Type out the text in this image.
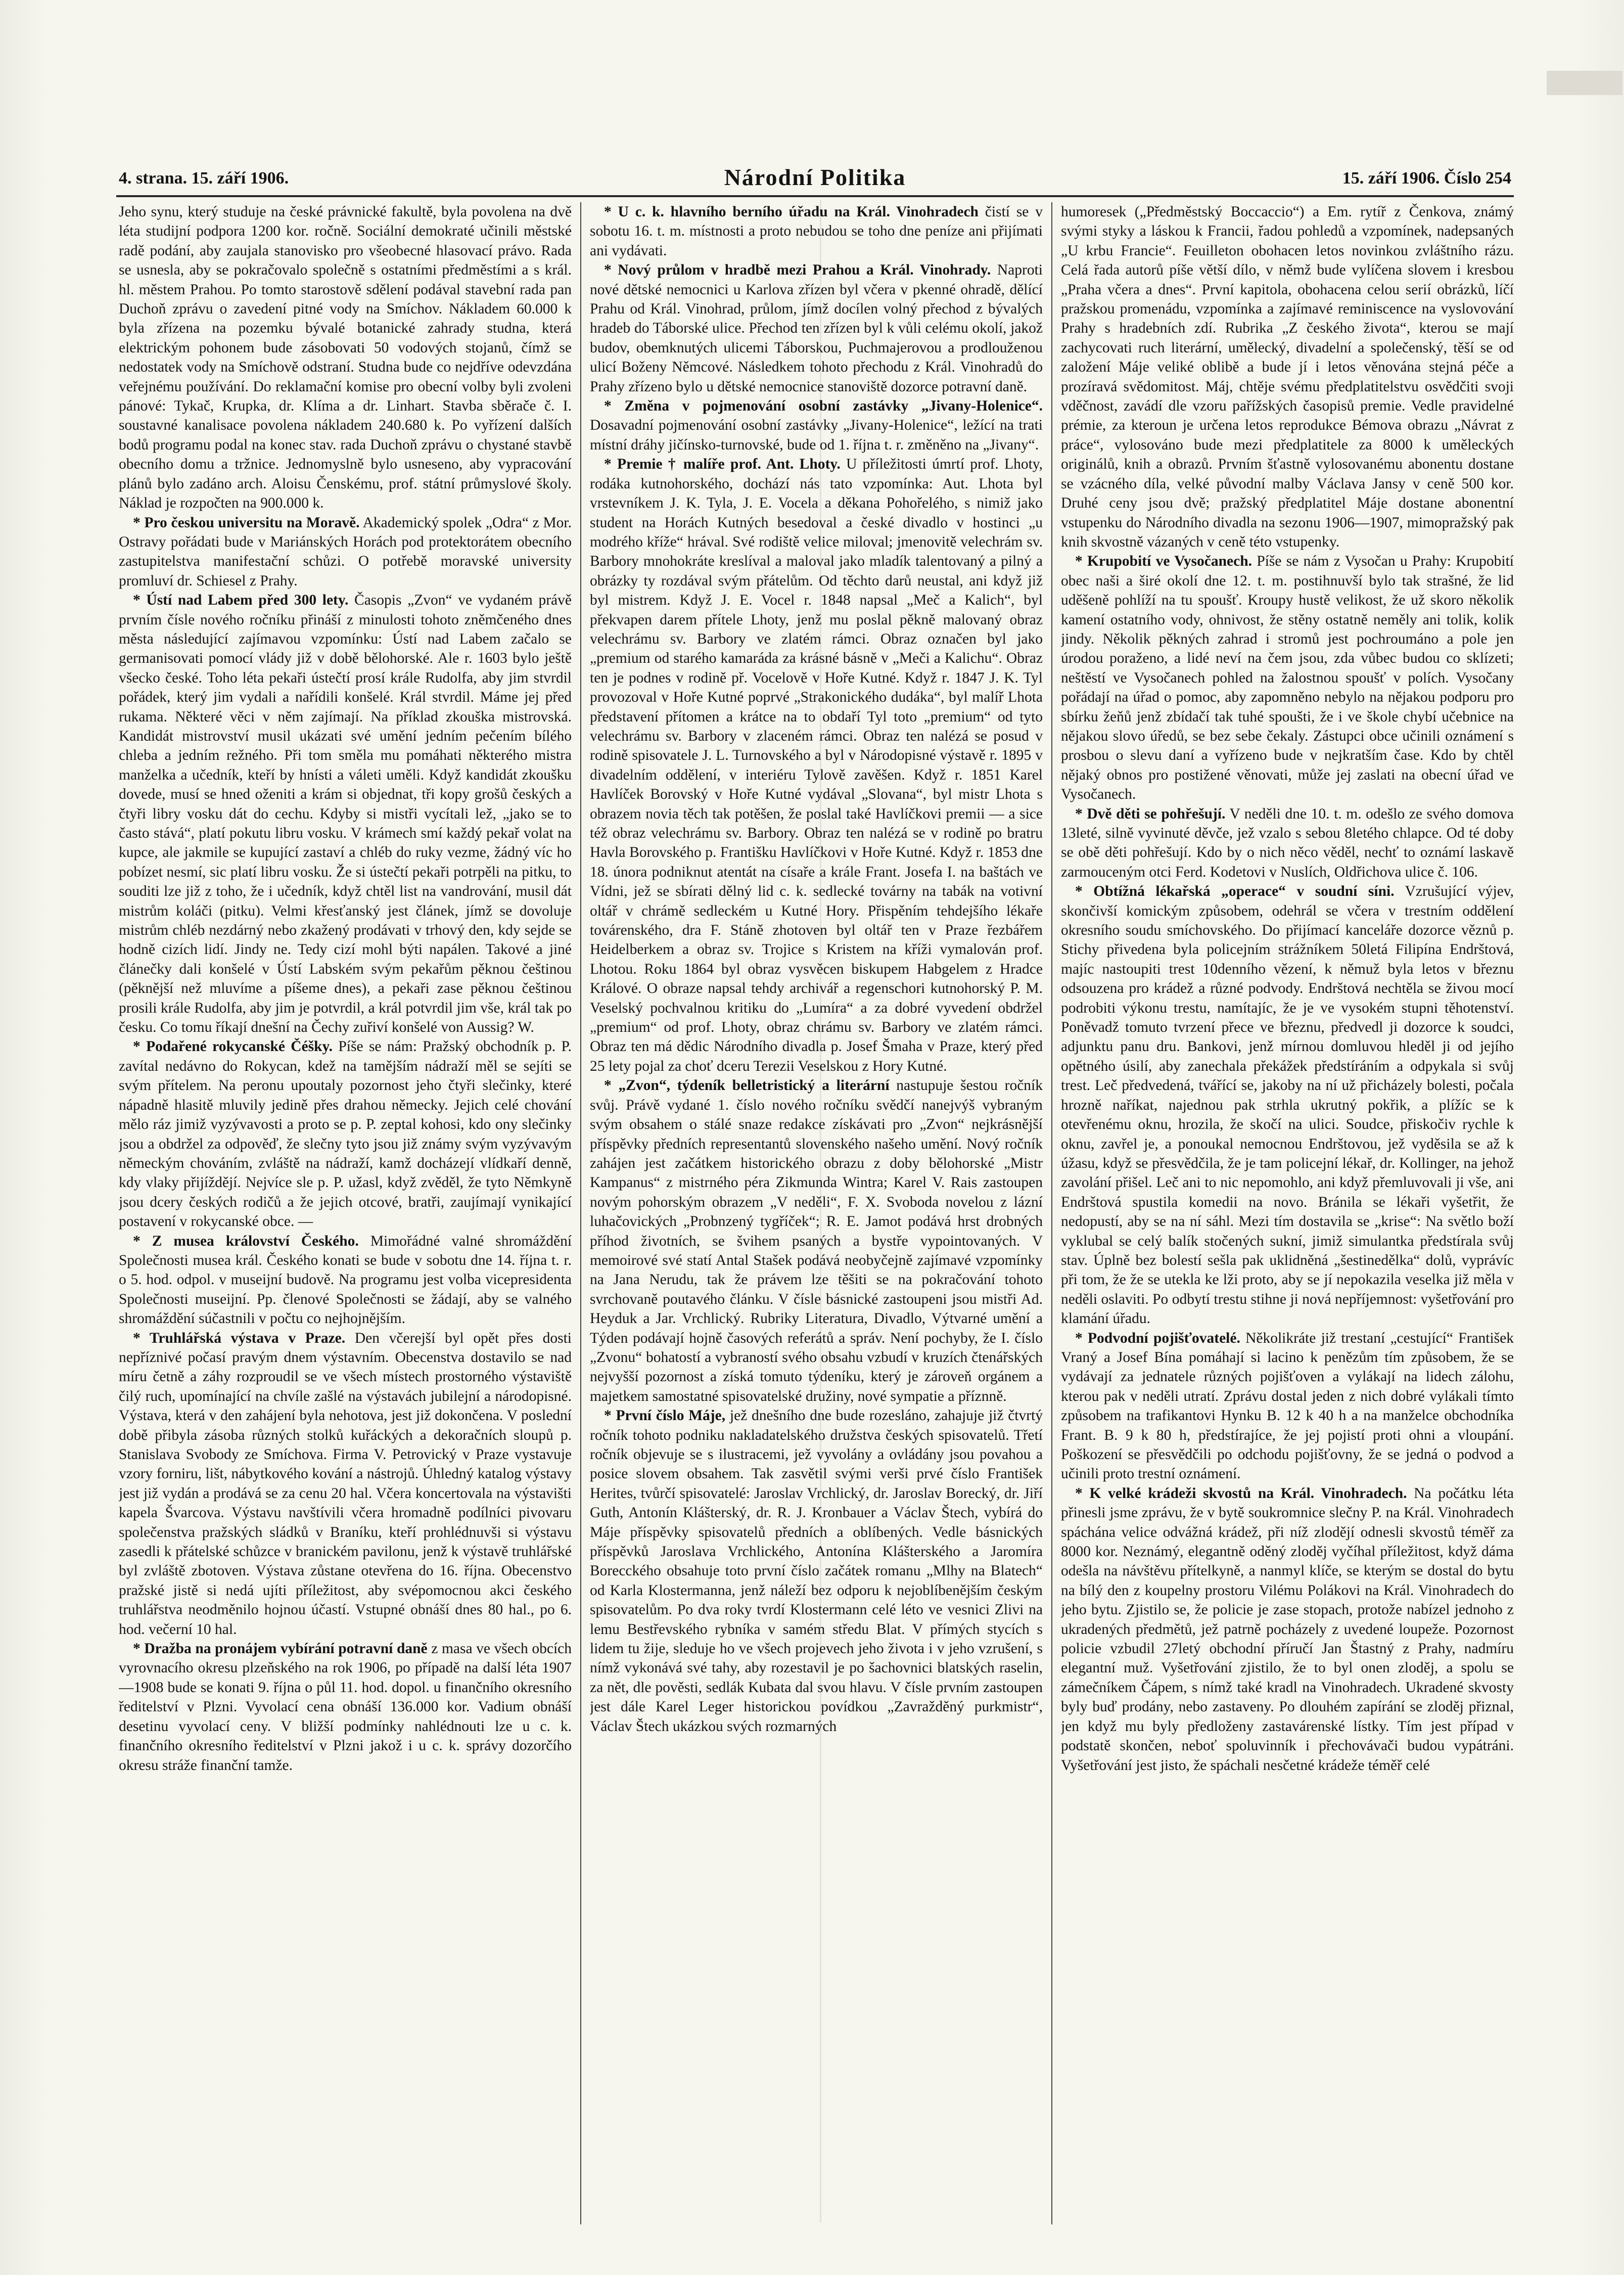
4. strana. 15. září 1906.	Národní Politika	15. září 1906. Číslo 254

Jeho synu, který studuje na české právnické fakultě, byla povolena na dvě léta studijní podpora 1200 kor. ročně. Sociální demokraté učinili městské radě podání, aby zaujala stanovisko pro všeobecné hlasovací právo. Rada se usnesla, aby se pokračovalo společně s ostatními předměstími a s král. hl. městem Prahou. Po tomto starostově sdělení podával stavební rada pan Duchoň zprávu o zavedení pitné vody na Smíchov. Nákladem 60.000 k byla zřízena na pozemku bývalé botanické zahrady studna, která elektrickým pohonem bude zásobovati 50 vodových stojanů, čímž se nedostatek vody na Smíchově odstraní. Studna bude co nejdříve odevzdána veřejnému používání. Do reklamační komise pro obecní volby byli zvoleni pánové: Tykač, Krupka, dr. Klíma a dr. Linhart. Stavba sběrače č. I. soustavné kanalisace povolena nákladem 240.680 k. Po vyřízení dalších bodů programu podal na konec stav. rada Duchoň zprávu o chystané stavbě obecního domu a tržnice. Jednomyslně bylo usneseno, aby vypracování plánů bylo zadáno arch. Aloisu Čenskému, prof. státní průmyslové školy. Náklad je rozpočten na 900.000 k.

* Pro českou universitu na Moravě. Akademický spolek „Odra“ z Mor. Ostravy pořádati bude v Mariánských Horách pod protektorátem obecního zastupitelstva manifestační schůzi. O potřebě moravské university promluví dr. Schiesel z Prahy.

* Ústí nad Labem před 300 lety. Časopis „Zvon“ ve vydaném právě prvním čísle nového ročníku přináší z minulosti tohoto zněmčeného dnes města následující zajímavou vzpomínku: Ústí nad Labem začalo se germanisovati pomocí vlády již v době bělohorské. Ale r. 1603 bylo ještě všecko české. Toho léta pekaři ústečtí prosí krále Rudolfa, aby jim stvrdil pořádek, který jim vydali a nařídili konšelé. Král stvrdil. Máme jej před rukama. Některé věci v něm zajímají. Na příklad zkouška mistrovská. Kandidát mistrovství musil ukázati své umění jedním pečením bílého chleba a jedním režného. Při tom směla mu pomáhati některého mistra manželka a učedník, kteří by hnísti a váleti uměli. Když kandidát zkoušku dovede, musí se hned oženiti a krám si objednat, tři kopy grošů českých a čtyři libry vosku dát do cechu. Kdyby si mistři vycítali lež, „jako se to často stává“, platí pokutu libru vosku. V krámech smí každý pekař volat na kupce, ale jakmile se kupující zastaví a chléb do ruky vezme, žádný víc ho pobízet nesmí, sic platí libru vosku. Že si ústečtí pekaři potrpěli na pitku, to souditi lze již z toho, že i učedník, když chtěl list na vandrování, musil dát mistrům koláči (pitku). Velmi křesťanský jest článek, jímž se dovoluje mistrům chléb nezdárný nebo zkažený prodávati v trhový den, kdy sejde se hodně cizích lidí. Jindy ne. Tedy cizí mohl býti napálen. Takové a jiné článečky dali konšelé v Ústí Labském svým pekařům pěknou češtinou (pěknější než mluvíme a píšeme dnes), a pekaři zase pěknou češtinou prosili krále Rudolfa, aby jim je potvrdil, a král potvrdil jim vše, král tak po česku. Co tomu říkají dnešní na Čechy zuřiví konšelé von Aussig? W.

* Podařené rokycanské Čéšky. Píše se nám: Pražský obchodník p. P. zavítal nedávno do Rokycan, kdež na tamějším nádraží měl se sejíti se svým přítelem. Na peronu upoutaly pozornost jeho čtyři slečinky, které nápadně hlasitě mluvily jedině přes drahou německy. Jejich celé chování mělo ráz jimiž vyzývavosti a proto se p. P. zeptal kohosi, kdo ony slečinky jsou a obdržel za odpověď, že slečny tyto jsou již známy svým vyzývavým německým chováním, zvláště na nádraží, kamž docházejí vlídkaří denně, kdy vlaky přijíždějí. Nejvíce sle p. P. užasl, když zvěděl, že tyto Němkyně jsou dcery českých rodičů a že jejich otcové, bratři, zaujímají vynikající postavení v rokycanské obce. —

* Z musea království Českého. Mimořádné valné shromáždění Společnosti musea král. Českého konati se bude v sobotu dne 14. října t. r. o 5. hod. odpol. v museijní budově. Na programu jest volba vicepresidenta Společnosti museijní. Pp. členové Společnosti se žádají, aby se valného shromáždění súčastnili v počtu co nejhojnějším.

* Truhlářská výstava v Praze. Den včerejší byl opět přes dosti nepříznivé počasí pravým dnem výstavním. Obecenstva dostavilo se nad míru četně a záhy rozproudil se ve všech místech prostorného výstaviště čilý ruch, upomínající na chvíle zašlé na výstavách jubilejní a národopisné. Výstava, která v den zahájení byla nehotova, jest již dokončena. V poslední době přibyla zásoba různých stolků kuřáckých a dekoračních sloupů p. Stanislava Svobody ze Smíchova. Firma V. Petrovický v Praze vystavuje vzory forniru, lišt, nábytkového kování a nástrojů. Úhledný katalog výstavy jest již vydán a prodává se za cenu 20 hal. Včera koncertovala na výstavišti kapela Švarcova. Výstavu navštívili včera hromadně podílníci pivovaru společenstva pražských sládků v Braníku, kteří prohlédnuvši si výstavu zasedli k přátelské schůzce v branickém pavilonu, jenž k výstavě truhlářské byl zvláště zbotoven. Výstava zůstane otevřena do 16. října. Obecenstvo pražské jistě si nedá ujíti příležitost, aby svépomocnou akci českého truhlářstva neodměnilo hojnou účastí. Vstupné obnáší dnes 80 hal., po 6. hod. večerní 10 hal.

* Dražba na pronájem vybírání potravní daně z masa ve všech obcích vyrovnacího okresu plzeňského na rok 1906, po případě na další léta 1907—1908 bude se konati 9. října o půl 11. hod. dopol. u finančního okresního ředitelství v Plzni. Vyvolací cena obnáší 136.000 kor. Vadium obnáší desetinu vyvolací ceny. V bližší podmínky nahlédnouti lze u c. k. finančního okresního ředitelství v Plzni jakož i u c. k. správy dozorčího okresu stráže finanční tamže.

* U c. k. hlavního berního úřadu na Král. Vinohradech čistí se v sobotu 16. t. m. místnosti a proto nebudou se toho dne peníze ani přijímati ani vydávati.

* Nový průlom v hradbě mezi Prahou a Král. Vinohrady. Naproti nové dětské nemocnici u Karlova zřízen byl včera v pkenné ohradě, dělící Prahu od Král. Vinohrad, průlom, jímž docílen volný přechod z bývalých hradeb do Táborské ulice. Přechod ten zřízen byl k vůli celému okolí, jakož budov, obemknutých ulicemi Táborskou, Puchmajerovou a prodlouženou ulicí Boženy Němcové. Následkem tohoto přechodu z Král. Vinohradů do Prahy zřízeno bylo u dětské nemocnice stanoviště dozorce potravní daně.

* Změna v pojmenování osobní zastávky „Jivany-Holenice“. Dosavadní pojmenování osobní zastávky „Jivany-Holenice“, ležící na trati místní dráhy jičínsko-turnovské, bude od 1. října t. r. změněno na „Jivany“.

* Premie † malíře prof. Ant. Lhoty. U příležitosti úmrtí prof. Lhoty, rodáka kutnohorského, dochází nás tato vzpomínka: Aut. Lhota byl vrstevníkem J. K. Tyla, J. E. Vocela a děkana Pohořelého, s nimiž jako student na Horách Kutných besedoval a české divadlo v hostinci „u modrého kříže“ hrával. Své rodiště velice miloval; jmenovitě velechrám sv. Barbory mnohokráte kreslíval a maloval jako mladík talentovaný a pilný a obrázky ty rozdával svým přátelům. Od těchto darů neustal, ani když již byl mistrem. Když J. E. Vocel r. 1848 napsal „Meč a Kalich“, byl překvapen darem přítele Lhoty, jenž mu poslal pěkně malovaný obraz velechrámu sv. Barbory ve zlatém rámci. Obraz označen byl jako „premium od starého kamaráda za krásné básně v „Meči a Kalichu“. Obraz ten je podnes v rodině př. Vocelově v Hoře Kutné. Když r. 1847 J. K. Tyl provozoval v Hoře Kutné poprvé „Strakonického dudáka“, byl malíř Lhota představení přítomen a krátce na to obdaří Tyl toto „premium“ od tyto velechrámu sv. Barbory v zlaceném rámci. Obraz ten nalézá se posud v rodině spisovatele J. L. Turnovského a byl v Národopisné výstavě r. 1895 v divadelním oddělení, v interiéru Tylově zavěšen. Když r. 1851 Karel Havlíček Borovský v Hoře Kutné vydával „Slovana“, byl mistr Lhota s obrazem novia těch tak potěšen, že poslal také Havlíčkovi premii — a sice též obraz velechrámu sv. Barbory. Obraz ten nalézá se v rodině po bratru Havla Borovského p. Františku Havlíčkovi v Hoře Kutné. Když r. 1853 dne 18. února podniknut atentát na císaře a krále Frant. Josefa I. na baštách ve Vídni, jež se sbírati dělný lid c. k. sedlecké továrny na tabák na votivní oltář v chrámě sedleckém u Kutné Hory. Přispěním tehdejšího lékaře továrenského, dra F. Stáně zhotoven byl oltář ten v Praze řezbářem Heidelberkem a obraz sv. Trojice s Kristem na kříži vymalován prof. Lhotou. Roku 1864 byl obraz vysvěcen biskupem Habgelem z Hradce Králové. O obraze napsal tehdy archivář a regenschori kutnohorský P. M. Veselský pochvalnou kritiku do „Lumíra“ a za dobré vyvedení obdržel „premium“ od prof. Lhoty, obraz chrámu sv. Barbory ve zlatém rámci. Obraz ten má dědic Národního divadla p. Josef Šmaha v Praze, který před 25 lety pojal za choť dceru Terezii Veselskou z Hory Kutné.

* „Zvon“, týdeník belletristický a literární nastupuje šestou ročník svůj. Právě vydané 1. číslo nového ročníku svědčí nanejvýš vybraným svým obsahem o stálé snaze redakce získávati pro „Zvon“ nejkrásnější příspěvky předních representantů slovenského našeho umění. Nový ročník zahájen jest začátkem historického obrazu z doby bělohorské „Mistr Kampanus“ z mistrného péra Zikmunda Wintra; Karel V. Rais zastoupen novým pohorským obrazem „V neděli“, F. X. Svoboda novelou z lázní luhačovických „Probnzený tygříček“; R. E. Jamot podává hrst drobných příhod životních, se švihem psaných a bystře vypointovaných. V memoirové své statí Antal Stašek podává neobyčejně zajímavé vzpomínky na Jana Nerudu, tak že právem lze těšiti se na pokračování tohoto svrchovaně poutavého článku. V čísle básnické zastoupeni jsou mistři Ad. Heyduk a Jar. Vrchlický. Rubriky Literatura, Divadlo, Výtvarné umění a Týden podávají hojně časových referátů a správ. Není pochyby, že I. číslo „Zvonu“ bohatostí a vybraností svého obsahu vzbudí v kruzích čtenářských nejvyšší pozornost a získá tomuto týdeníku, který je zároveň orgánem a majetkem samostatné spisovatelské družiny, nové sympatie a příznně.

* První číslo Máje, jež dnešního dne bude rozesláno, zahajuje již čtvrtý ročník tohoto podniku nakladatelského družstva českých spisovatelů. Třetí ročník objevuje se s ilustracemi, jež vyvolány a ovládány jsou povahou a posice slovem obsahem. Tak zasvětil svými verši prvé číslo František Herites, tvůrčí spisovatelé: Jaroslav Vrchlický, dr. Jaroslav Borecký, dr. Jiří Guth, Antonín Klášterský, dr. R. J. Kronbauer a Václav Štech, vybírá do Máje příspěvky spisovatelů předních a oblíbených. Vedle básnických příspěvků Jaroslava Vrchlického, Antonína Klášterského a Jaromíra Borecckého obsahuje toto první číslo začátek romanu „Mlhy na Blatech“ od Karla Klostermanna, jenž náleží bez odporu k nejoblíbenějším českým spisovatelům. Po dva roky tvrdí Klostermann celé léto ve vesnici Zlivi na lemu Bestřevského rybníka v samém středu Blat. V přímých stycích s lidem tu žije, sleduje ho ve všech projevech jeho života i v jeho vzrušení, s nímž vykonává své tahy, aby rozestavil je po šachovnici blatských raselin, za nět, dle pověsti, sedlák Kubata dal svou hlavu. V čísle prvním zastoupen jest dále Karel Leger historickou povídkou „Zavražděný purkmistr“, Václav Štech ukázkou svých rozmarných

humoresek („Předměstský Boccaccio“) a Em. rytíř z Čenkova, známý svými styky a láskou k Francii, řadou pohledů a vzpomínek, nadepsaných „U krbu Francie“. Feuilleton obohacen letos novinkou zvláštního rázu. Celá řada autorů píše větší dílo, v němž bude vylíčena slovem i kresbou „Praha včera a dnes“. První kapitola, obohacena celou serií obrázků, líčí pražskou promenádu, vzpomínka a zajímavé reminiscence na vyslovování Prahy s hradebních zdí. Rubrika „Z českého života“, kterou se mají zachycovati ruch literární, umělecký, divadelní a společenský, těší se od založení Máje veliké oblibě a bude jí i letos věnována stejná péče a prozíravá svědomitost. Máj, chtěje svému předplatitelstvu osvědčiti svoji vděčnost, zavádí dle vzoru pařížských časopisů premie. Vedle pravidelné prémie, za kteroun je určena letos reprodukce Bémova obrazu „Návrat z práce“, vylosováno bude mezi předplatitele za 8000 k uměleckých originálů, knih a obrazů. Prvním šťastně vylosovanému abonentu dostane se vzácného díla, velké původní malby Václava Jansy v ceně 500 kor. Druhé ceny jsou dvě; pražský předplatitel Máje dostane abonentní vstupenku do Národního divadla na sezonu 1906—1907, mimopražský pak knih skvostně vázaných v ceně této vstupenky.

* Krupobití ve Vysočanech. Píše se nám z Vysočan u Prahy: Krupobití obec naši a širé okolí dne 12. t. m. postihnuvší bylo tak strašné, že lid uděšeně pohlíží na tu spoušť. Kroupy hustě velikost, že už skoro několik kamení ostatního vody, ohnivost, že stěny ostatně neměly ani tolik, kolik jindy. Několik pěkných zahrad i stromů jest pochroumáno a pole jen úrodou poraženo, a lidé neví na čem jsou, zda vůbec budou co sklízeti; neštěstí ve Vysočanech pohled na žalostnou spoušť v polích. Vysočany pořádají na úřad o pomoc, aby zapomněno nebylo na nějakou podporu pro sbírku žeňů jenž zbídačí tak tuhé spoušti, že i ve škole chybí učebnice na nějakou slovo úředů, se bez sebe čekaly. Zástupci obce učinili oznámení s prosbou o slevu daní a vyřízeno bude v nejkratším čase. Kdo by chtěl nějaký obnos pro postižené věnovati, může jej zaslati na obecní úřad ve Vysočanech.

* Dvě děti se pohřešují. V neděli dne 10. t. m. odešlo ze svého domova 13leté, silně vyvinuté děvče, jež vzalo s sebou 8letého chlapce. Od té doby se obě děti pohřešují. Kdo by o nich něco věděl, nechť to oznámí laskavě zarmouceným otci Ferd. Kodetovi v Nuslích, Oldřichova ulice č. 106.

* Obtížná lékařská „operace“ v soudní síni. Vzrušující výjev, skončivší komickým způsobem, odehrál se včera v trestním oddělení okresního soudu smíchovského. Do přijímací kanceláře dozorce věznů p. Stichy přivedena byla policejním strážníkem 50letá Filipína Endrštová, majíc nastoupiti trest 10denního vězení, k němuž byla letos v březnu odsouzena pro krádež a různé podvody. Endrštová nechtěla se živou mocí podrobiti výkonu trestu, namítajíc, že je ve vysokém stupni těhotenství. Poněvadž tomuto tvrzení přece ve březnu, předvedl ji dozorce k soudci, adjunktu panu dru. Bankovi, jenž mírnou domluvou hleděl ji od jejího opětného úsilí, aby zanechala překážek předstíráním a odpykala si svůj trest. Leč předvedená, tvářící se, jakoby na ní už přicházely bolesti, počala hrozně naříkat, najednou pak strhla ukrutný pokřik, a plížíc se k otevřenému oknu, hrozila, že skočí na ulici. Soudce, přiskočiv rychle k oknu, zavřel je, a ponoukal nemocnou Endrštovou, jež vyděsila se až k úžasu, když se přesvědčila, že je tam policejní lékař, dr. Kollinger, na jehož zavolání přišel. Leč ani to nic nepomohlo, ani když přemluvovali ji vše, ani Endrštová spustila komedii na novo. Bránila se lékaři vyšetřit, že nedopustí, aby se na ní sáhl. Mezi tím dostavila se „krise“: Na světlo boží vyklubal se celý balík stočených sukní, jimiž simulantka předstírala svůj stav. Úplně bez bolestí sešla pak uklidněná „šestinedělka“ dolů, vyprávíc při tom, že že se utekla ke lži proto, aby se jí nepokazila veselka již měla v neděli oslaviti. Po odbytí trestu stihne ji nová nepříjemnost: vyšetřování pro klamání úřadu.

* Podvodní pojišťovatelé. Několikráte již trestaní „cestující“ František Vraný a Josef Bína pomáhají si lacino k penězům tím způsobem, že se vydávají za jednatele různých pojišťoven a vylákají na lidech zálohu, kterou pak v neděli utratí. Zprávu dostal jeden z nich dobré vylákali tímto způsobem na trafikantovi Hynku B. 12 k 40 h a na manželce obchodníka Frant. B. 9 k 80 h, předstírajíce, že jej pojistí proti ohni a vloupání. Poškození se přesvědčili po odchodu pojišťovny, že se jedná o podvod a učinili proto trestní oznámení.

* K velké krádeži skvostů na Král. Vinohradech. Na počátku léta přinesli jsme zprávu, že v bytě soukromnice slečny P. na Král. Vinohradech spáchána velice odvážná krádež, při níž zlodějí odnesli skvostů téměř za 8000 kor. Neznámý, elegantně oděný zloděj vyčíhal příležitost, když dáma odešla na návštěvu přítelkyně, a nanmyl klíče, se kterým se dostal do bytu na bílý den z koupelny prostoru Vilému Polákovi na Král. Vinohradech do jeho bytu. Zjistilo se, že policie je zase stopach, protože nabízel jednoho z ukradených předmětů, jež patrně pocházely z uvedené loupeže. Pozornost policie vzbudil 27letý obchodní příručí Jan Štastný z Prahy, nadmíru elegantní muž. Vyšetřování zjistilo, že to byl onen zloděj, a spolu se zámečníkem Čápem, s nímž také kradl na Vinohradech. Ukradené skvosty byly buď prodány, nebo zastaveny. Po dlouhém zapírání se zloděj přiznal, jen když mu byly předloženy zastavárenské lístky. Tím jest případ v podstatě skončen, neboť spoluvinník i přechovávači budou vypátráni. Vyšetřování jest jisto, že spáchali nesčetné krádeže téměř celé
